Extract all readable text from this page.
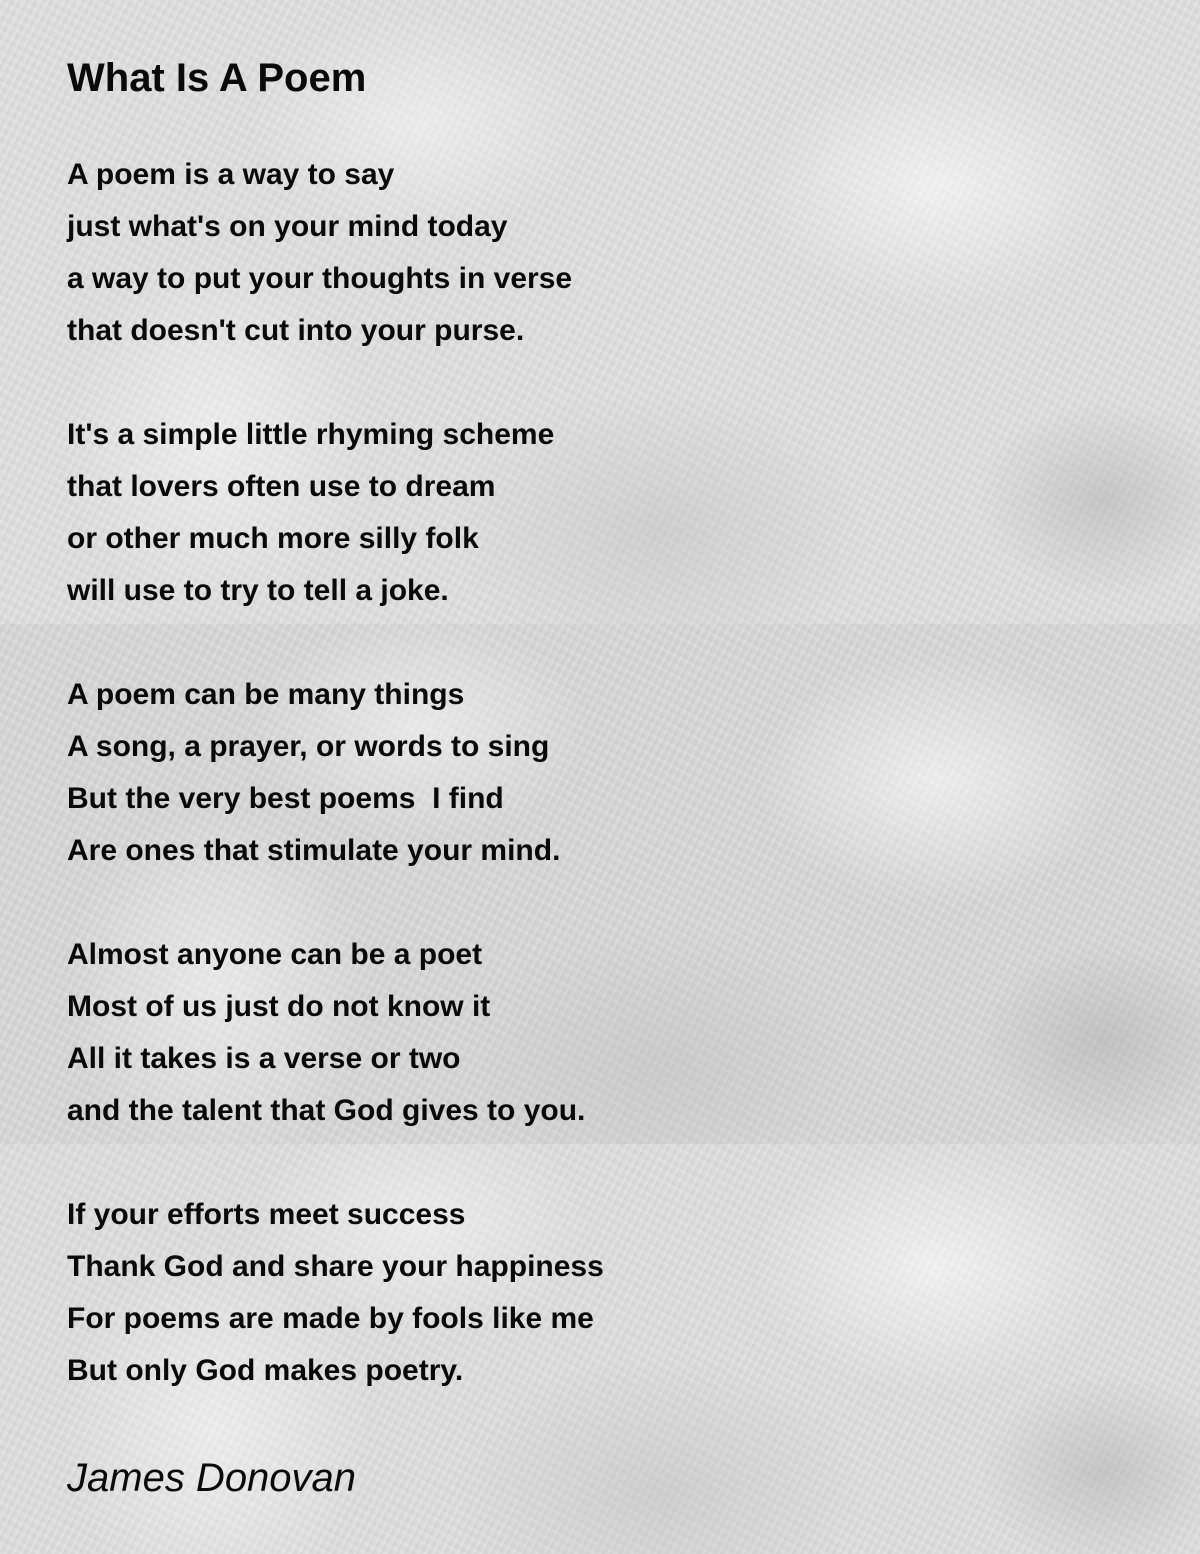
What Is A Poem
A poem is a way to say
just what's on your mind today
a way to put your thoughts in verse
that doesn't cut into your purse.
It's a simple little rhyming scheme
that lovers often use to dream
or other much more silly folk
will use to try to tell a joke.
A poem can be many things
A song, a prayer, or words to sing
But the very best poems  I find
Are ones that stimulate your mind.
Almost anyone can be a poet
Most of us just do not know it
All it takes is a verse or two
and the talent that God gives to you.
If your efforts meet success
Thank God and share your happiness
For poems are made by fools like me
But only God makes poetry.

James Donovan
